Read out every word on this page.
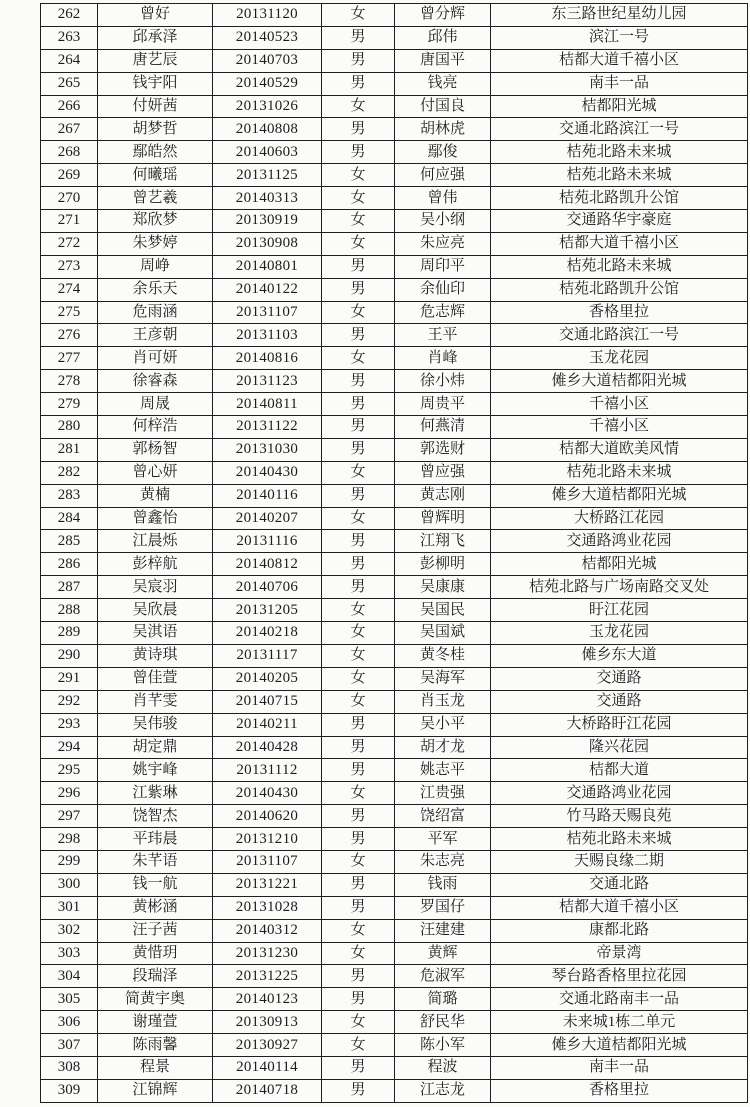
262	曾好	20131120	女	曾分辉	东三路世纪星幼儿园
263	邱承泽	20140523	男	邱伟	滨江一号
264	唐艺辰	20140703	男	唐国平	桔都大道千禧小区
265	钱宇阳	20140529	男	钱亮	南丰一品
266	付妍茜	20131026	女	付国良	桔都阳光城
267	胡梦哲	20140808	男	胡林虎	交通北路滨江一号
268	鄢皓然	20140603	男	鄢俊	桔苑北路未来城
269	何曦瑶	20131125	女	何应强	桔苑北路未来城
270	曾艺羲	20140313	女	曾伟	桔苑北路凯升公馆
271	郑欣梦	20130919	女	吴小纲	交通路华宇豪庭
272	朱梦婷	20130908	女	朱应亮	桔都大道千禧小区
273	周峥	20140801	男	周印平	桔苑北路未来城
274	余乐天	20140122	男	余仙印	桔苑北路凯升公馆
275	危雨涵	20131107	女	危志辉	香格里拉
276	王彦朝	20131103	男	王平	交通北路滨江一号
277	肖可妍	20140816	女	肖峰	玉龙花园
278	徐睿森	20131123	男	徐小炜	傩乡大道桔都阳光城
279	周晟	20140811	男	周贵平	千禧小区
280	何梓浩	20131122	男	何燕清	千禧小区
281	郭杨智	20131030	男	郭选财	桔都大道欧美风情
282	曾心妍	20140430	女	曾应强	桔苑北路未来城
283	黄楠	20140116	男	黄志刚	傩乡大道桔都阳光城
284	曾鑫怡	20140207	女	曾辉明	大桥路江花园
285	江晨烁	20131116	男	江翔飞	交通路鸿业花园
286	彭梓航	20140812	男	彭柳明	桔都阳光城
287	吴宸羽	20140706	男	吴康康	桔苑北路与广场南路交叉处
288	吴欣晨	20131205	女	吴国民	盱江花园
289	吴淇语	20140218	女	吴国斌	玉龙花园
290	黄诗琪	20131117	女	黄冬桂	傩乡东大道
291	曾佳萱	20140205	女	吴海军	交通路
292	肖芊雯	20140715	女	肖玉龙	交通路
293	吴伟骏	20140211	男	吴小平	大桥路盱江花园
294	胡定鼎	20140428	男	胡才龙	隆兴花园
295	姚宇峰	20131112	男	姚志平	桔都大道
296	江紫琳	20140430	女	江贵强	交通路鸿业花园
297	饶智杰	20140620	男	饶绍富	竹马路天赐良苑
298	平玮晨	20131210	男	平军	桔苑北路未来城
299	朱芊语	20131107	女	朱志亮	天赐良缘二期
300	钱一航	20131221	男	钱雨	交通北路
301	黄彬涵	20131028	男	罗国仔	桔都大道千禧小区
302	汪子茜	20140312	女	汪建建	康都北路
303	黄惜玥	20131230	女	黄辉	帝景湾
304	段瑞泽	20131225	男	危淑军	琴台路香格里拉花园
305	简黄宇奥	20140123	男	简璐	交通北路南丰一品
306	谢瑾萱	20130913	女	舒民华	未来城1栋二单元
307	陈雨馨	20130927	女	陈小军	傩乡大道桔都阳光城
308	程景	20140114	男	程波	南丰一品
309	江锦辉	20140718	男	江志龙	香格里拉
